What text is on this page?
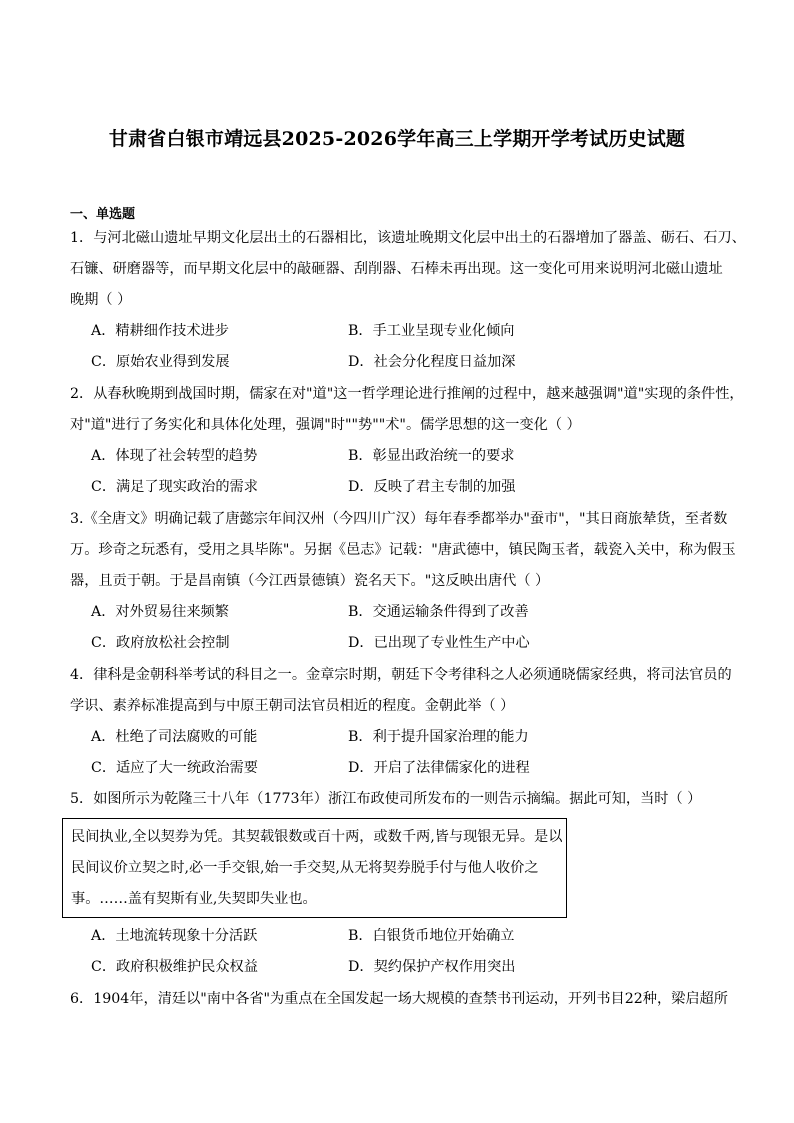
甘肃省白银市靖远县2025-2026学年高三上学期开学考试历史试题
一、单选题
1．与河北磁山遗址早期文化层出土的石器相比，该遗址晚期文化层中出土的石器增加了器盖、砺石、石刀、
石镰、研磨器等，而早期文化层中的敲砸器、刮削器、石棒未再出现。这一变化可用来说明河北磁山遗址
晚期（ ）
A．精耕细作技术进步	B．手工业呈现专业化倾向
C．原始农业得到发展	D．社会分化程度日益加深
2．从春秋晚期到战国时期，儒家在对"道"这一哲学理论进行推阐的过程中，越来越强调"道"实现的条件性，
对"道"进行了务实化和具体化处理，强调"时""势""术"。儒学思想的这一变化（ ）
A．体现了社会转型的趋势	B．彰显出政治统一的要求
C．满足了现实政治的需求	D．反映了君主专制的加强
3.《全唐文》明确记载了唐懿宗年间汉州（今四川广汉）每年春季都举办"蚕市"，"其日商旅辇货，至者数
万。珍奇之玩悉有，受用之具毕陈"。另据《邑志》记载："唐武德中，镇民陶玉者，载瓷入关中，称为假玉
器，且贡于朝。于是昌南镇（今江西景德镇）瓷名天下。"这反映出唐代（ ）
A．对外贸易往来频繁	B．交通运输条件得到了改善
C．政府放松社会控制	D．已出现了专业性生产中心
4．律科是金朝科举考试的科目之一。金章宗时期，朝廷下令考律科之人必须通晓儒家经典，将司法官员的
学识、素养标准提高到与中原王朝司法官员相近的程度。金朝此举（ ）
A．杜绝了司法腐败的可能	B．利于提升国家治理的能力
C．适应了大一统政治需要	D．开启了法律儒家化的进程
5．如图所示为乾隆三十八年（1773年）浙江布政使司所发布的一则告示摘编。据此可知，当时（ ）
民间执业,全以契券为凭。其契载银数或百十两，或数千两,皆与现银无异。是以
民间议价立契之时,必一手交银,始一手交契,从无将契券脱手付与他人收价之
事。……盖有契斯有业,失契即失业也。
A．土地流转现象十分活跃	B．白银货币地位开始确立
C．政府积极维护民众权益	D．契约保护产权作用突出
6．1904年，清廷以"南中各省"为重点在全国发起一场大规模的查禁书刊运动，开列书目22种，梁启超所
